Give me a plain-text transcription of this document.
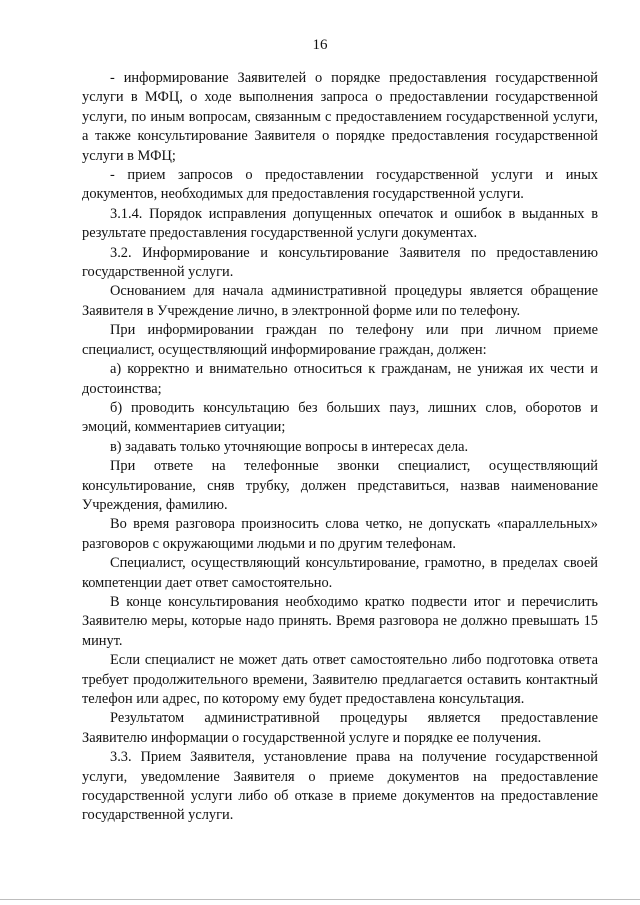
16

- информирование Заявителей о порядке предоставления государственной услуги в МФЦ, о ходе выполнения запроса о предоставлении государственной услуги, по иным вопросам, связанным с предоставлением государственной услуги, а также консультирование Заявителя о порядке предоставления государственной услуги в МФЦ;

- прием запросов о предоставлении государственной услуги и иных документов, необходимых для предоставления государственной услуги.

3.1.4. Порядок исправления допущенных опечаток и ошибок в выданных в результате предоставления государственной услуги документах.

3.2. Информирование и консультирование Заявителя по предоставлению государственной услуги.

Основанием для начала административной процедуры является обращение Заявителя в Учреждение лично, в электронной форме или по телефону.

При информировании граждан по телефону или при личном приеме специалист, осуществляющий информирование граждан, должен:

а) корректно и внимательно относиться к гражданам, не унижая их чести и достоинства;

б) проводить консультацию без больших пауз, лишних слов, оборотов и эмоций, комментариев ситуации;

в) задавать только уточняющие вопросы в интересах дела.

При ответе на телефонные звонки специалист, осуществляющий консультирование, сняв трубку, должен представиться, назвав наименование Учреждения, фамилию.

Во время разговора произносить слова четко, не допускать «параллельных» разговоров с окружающими людьми и по другим телефонам.

Специалист, осуществляющий консультирование, грамотно, в пределах своей компетенции дает ответ самостоятельно.

В конце консультирования необходимо кратко подвести итог и перечислить Заявителю меры, которые надо принять. Время разговора не должно превышать 15 минут.

Если специалист не может дать ответ самостоятельно либо подготовка ответа требует продолжительного времени, Заявителю предлагается оставить контактный телефон или адрес, по которому ему будет предоставлена консультация.

Результатом административной процедуры является предоставление Заявителю информации о государственной услуге и порядке ее получения.

3.3. Прием Заявителя, установление права на получение государственной услуги, уведомление Заявителя о приеме документов на предоставление государственной услуги либо об отказе в приеме документов на предоставление государственной услуги.
